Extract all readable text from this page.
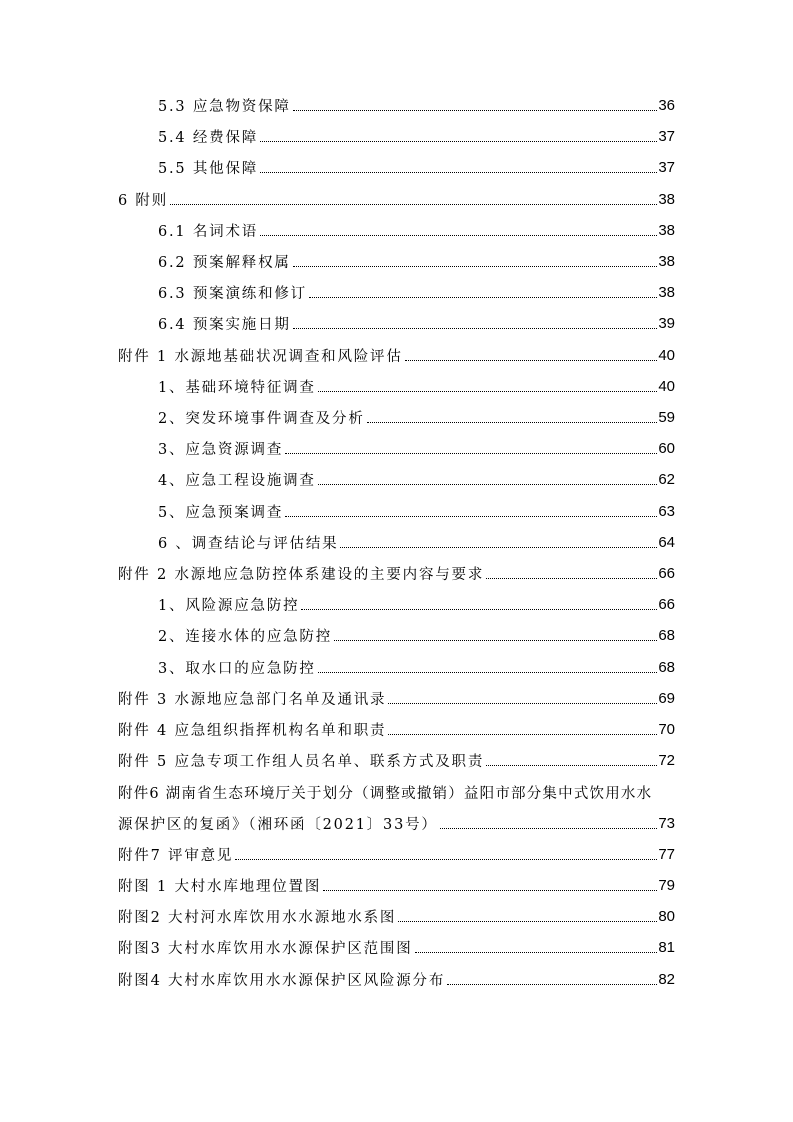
5.3 应急物资保障	36
5.4 经费保障	37
5.5 其他保障	37
6 附则	38
6.1 名词术语	38
6.2 预案解释权属	38
6.3 预案演练和修订	38
6.4 预案实施日期	39
附件 1 水源地基础状况调查和风险评估	40
1、基础环境特征调查	40
2、突发环境事件调查及分析	59
3、应急资源调查	60
4、应急工程设施调查	62
5、应急预案调查	63
6 、调查结论与评估结果	64
附件 2 水源地应急防控体系建设的主要内容与要求	66
1、风险源应急防控	66
2、连接水体的应急防控	68
3、取水口的应急防控	68
附件 3 水源地应急部门名单及通讯录	69
附件 4 应急组织指挥机构名单和职责	70
附件 5 应急专项工作组人员名单、联系方式及职责	72
附件6 湖南省生态环境厅关于划分（调整或撤销）益阳市部分集中式饮用水水
源保护区的复函》（湘环函〔2021〕33号）	73
附件7 评审意见	77
附图 1 大村水库地理位置图	79
附图2 大村河水库饮用水水源地水系图	80
附图3 大村水库饮用水水源保护区范围图	81
附图4 大村水库饮用水水源保护区风险源分布	82
